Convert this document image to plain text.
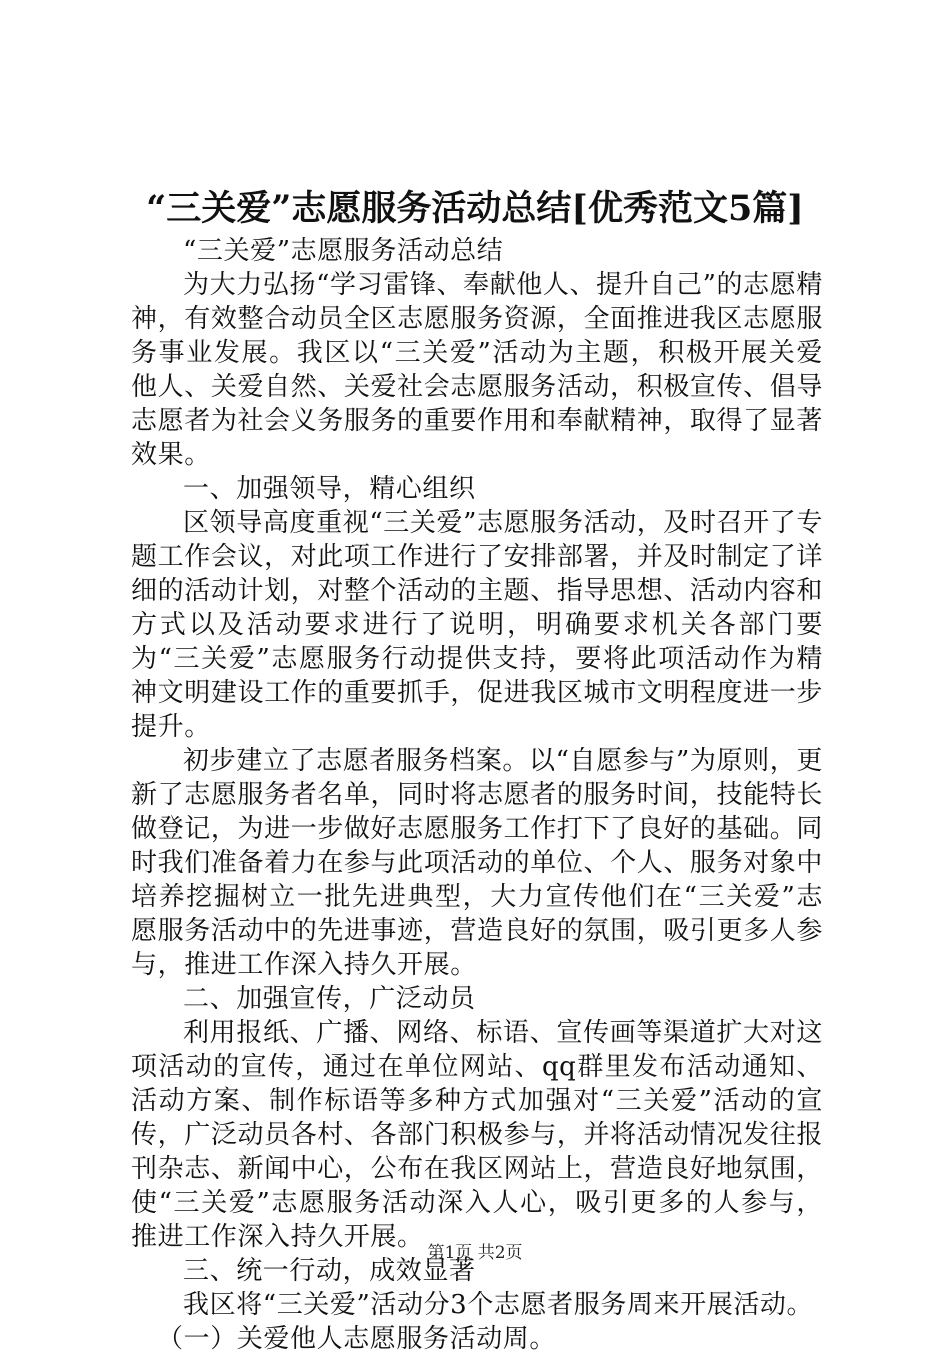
“三关爱”志愿服务活动总结[优秀范文5篇]

“三关爱”志愿服务活动总结

为大力弘扬“学习雷锋、奉献他人、提升自己”的志愿精神，有效整合动员全区志愿服务资源，全面推进我区志愿服务事业发展。我区以“三关爱”活动为主题，积极开展关爱他人、关爱自然、关爱社会志愿服务活动，积极宣传、倡导志愿者为社会义务服务的重要作用和奉献精神，取得了显著效果。

一、加强领导，精心组织

区领导高度重视“三关爱”志愿服务活动，及时召开了专题工作会议，对此项工作进行了安排部署，并及时制定了详细的活动计划，对整个活动的主题、指导思想、活动内容和方式以及活动要求进行了说明，明确要求机关各部门要为“三关爱”志愿服务行动提供支持，要将此项活动作为精神文明建设工作的重要抓手，促进我区城市文明程度进一步提升。

初步建立了志愿者服务档案。以“自愿参与”为原则，更新了志愿服务者名单，同时将志愿者的服务时间，技能特长做登记，为进一步做好志愿服务工作打下了良好的基础。同时我们准备着力在参与此项活动的单位、个人、服务对象中培养挖掘树立一批先进典型，大力宣传他们在“三关爱”志愿服务活动中的先进事迹，营造良好的氛围，吸引更多人参与，推进工作深入持久开展。

二、加强宣传，广泛动员

利用报纸、广播、网络、标语、宣传画等渠道扩大对这项活动的宣传，通过在单位网站、qq群里发布活动通知、活动方案、制作标语等多种方式加强对“三关爱”活动的宣传，广泛动员各村、各部门积极参与，并将活动情况发往报刊杂志、新闻中心，公布在我区网站上，营造良好地氛围，使“三关爱”志愿服务活动深入人心，吸引更多的人参与，推进工作深入持久开展。

三、统一行动，成效显著

我区将“三关爱”活动分3个志愿者服务周来开展活动。

（一）关爱他人志愿服务活动周。

第1页 共2页
